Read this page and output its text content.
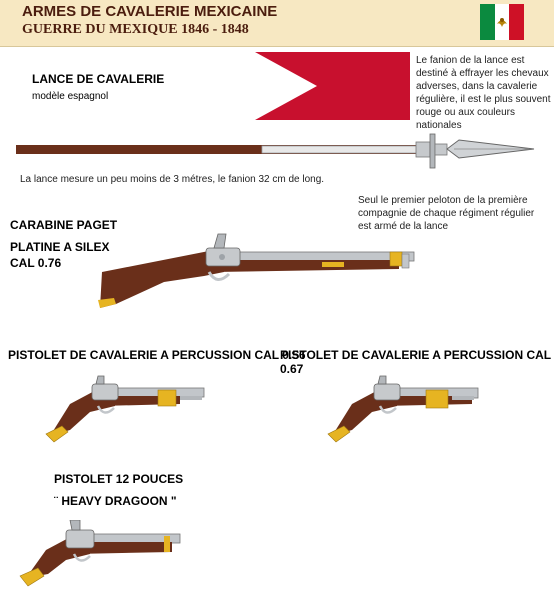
ARMES DE CAVALERIE MEXICAINE
GUERRE DU MEXIQUE 1846 - 1848
LANCE DE CAVALERIE
modèle espagnol
Le fanion de la lance est destiné à effrayer les chevaux adverses, dans la cavalerie régulière, il est le plus souvent rouge ou aux couleurs nationales
La lance mesure un peu moins de 3 métres, le fanion 32 cm de long.
Seul le premier peloton de la première compagnie de chaque régiment régulier est armé de la lance
CARABINE PAGET
PLATINE A SILEX
CAL 0.76
PISTOLET DE CAVALERIE A PERCUSSION CAL 0.56
PISTOLET DE CAVALERIE A PERCUSSION CAL 0.67
PISTOLET 12 POUCES
¨ HEAVY DRAGOON "
